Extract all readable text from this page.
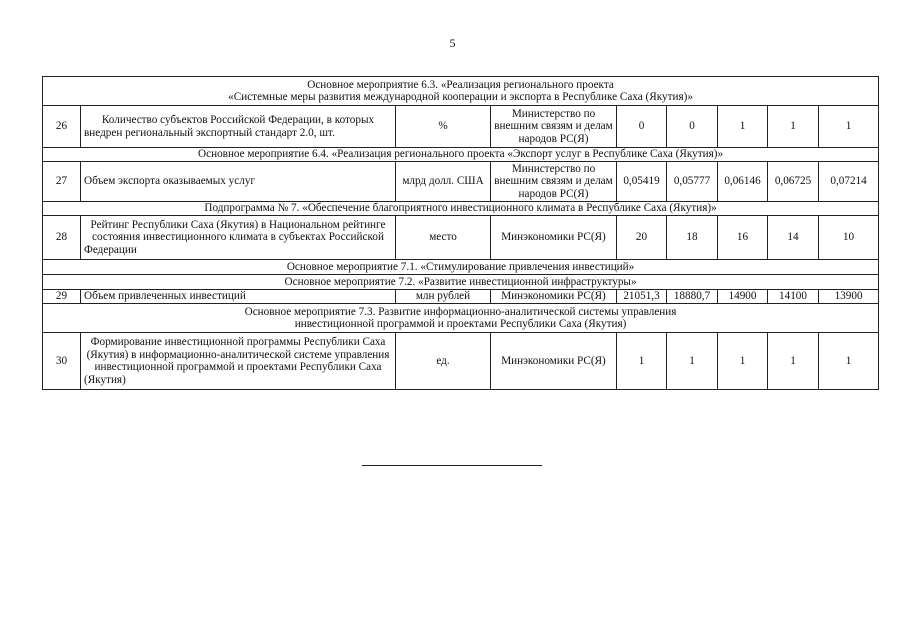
5
Основное мероприятие 6.3. «Реализация регионального проекта
«Системные меры развития международной кооперации и экспорта в Республике Саха (Якутия)»								
26	Количество субъектов Российской Федерации, в которых внедрен региональный экспортный стандарт 2.0, шт.	%	Министерство по внешним связям и делам народов РС(Я)	0	0	1	1	1
Основное мероприятие 6.4. «Реализация регионального проекта «Экспорт услуг в Республике Саха (Якутия)»								
27	Объем экспорта оказываемых услуг	млрд долл. США	Министерство по внешним связям и делам народов РС(Я)	0,05419	0,05777	0,06146	0,06725	0,07214
Подпрограмма № 7. «Обеспечение благоприятного инвестиционного климата в Республике Саха (Якутия)»								
28	Рейтинг Республики Саха (Якутия) в Национальном рейтинге состояния инвестиционного климата в субъектах Российской Федерации	место	Минэкономики РС(Я)	20	18	16	14	10
Основное мероприятие 7.1. «Стимулирование привлечения инвестиций»								
Основное мероприятие 7.2. «Развитие инвестиционной инфраструктуры»								
29	Объем привлеченных инвестиций	млн рублей	Минэкономики РС(Я)	21051,3	18880,7	14900	14100	13900
Основное мероприятие 7.3. Развитие информационно-аналитической системы управления
инвестиционной программой и проектами Республики Саха (Якутия)								
30	Формирование инвестиционной программы Республики Саха (Якутия) в информационно-аналитической системе управления инвестиционной программой и проектами Республики Саха (Якутия)	ед.	Минэкономики РС(Я)	1	1	1	1	1
